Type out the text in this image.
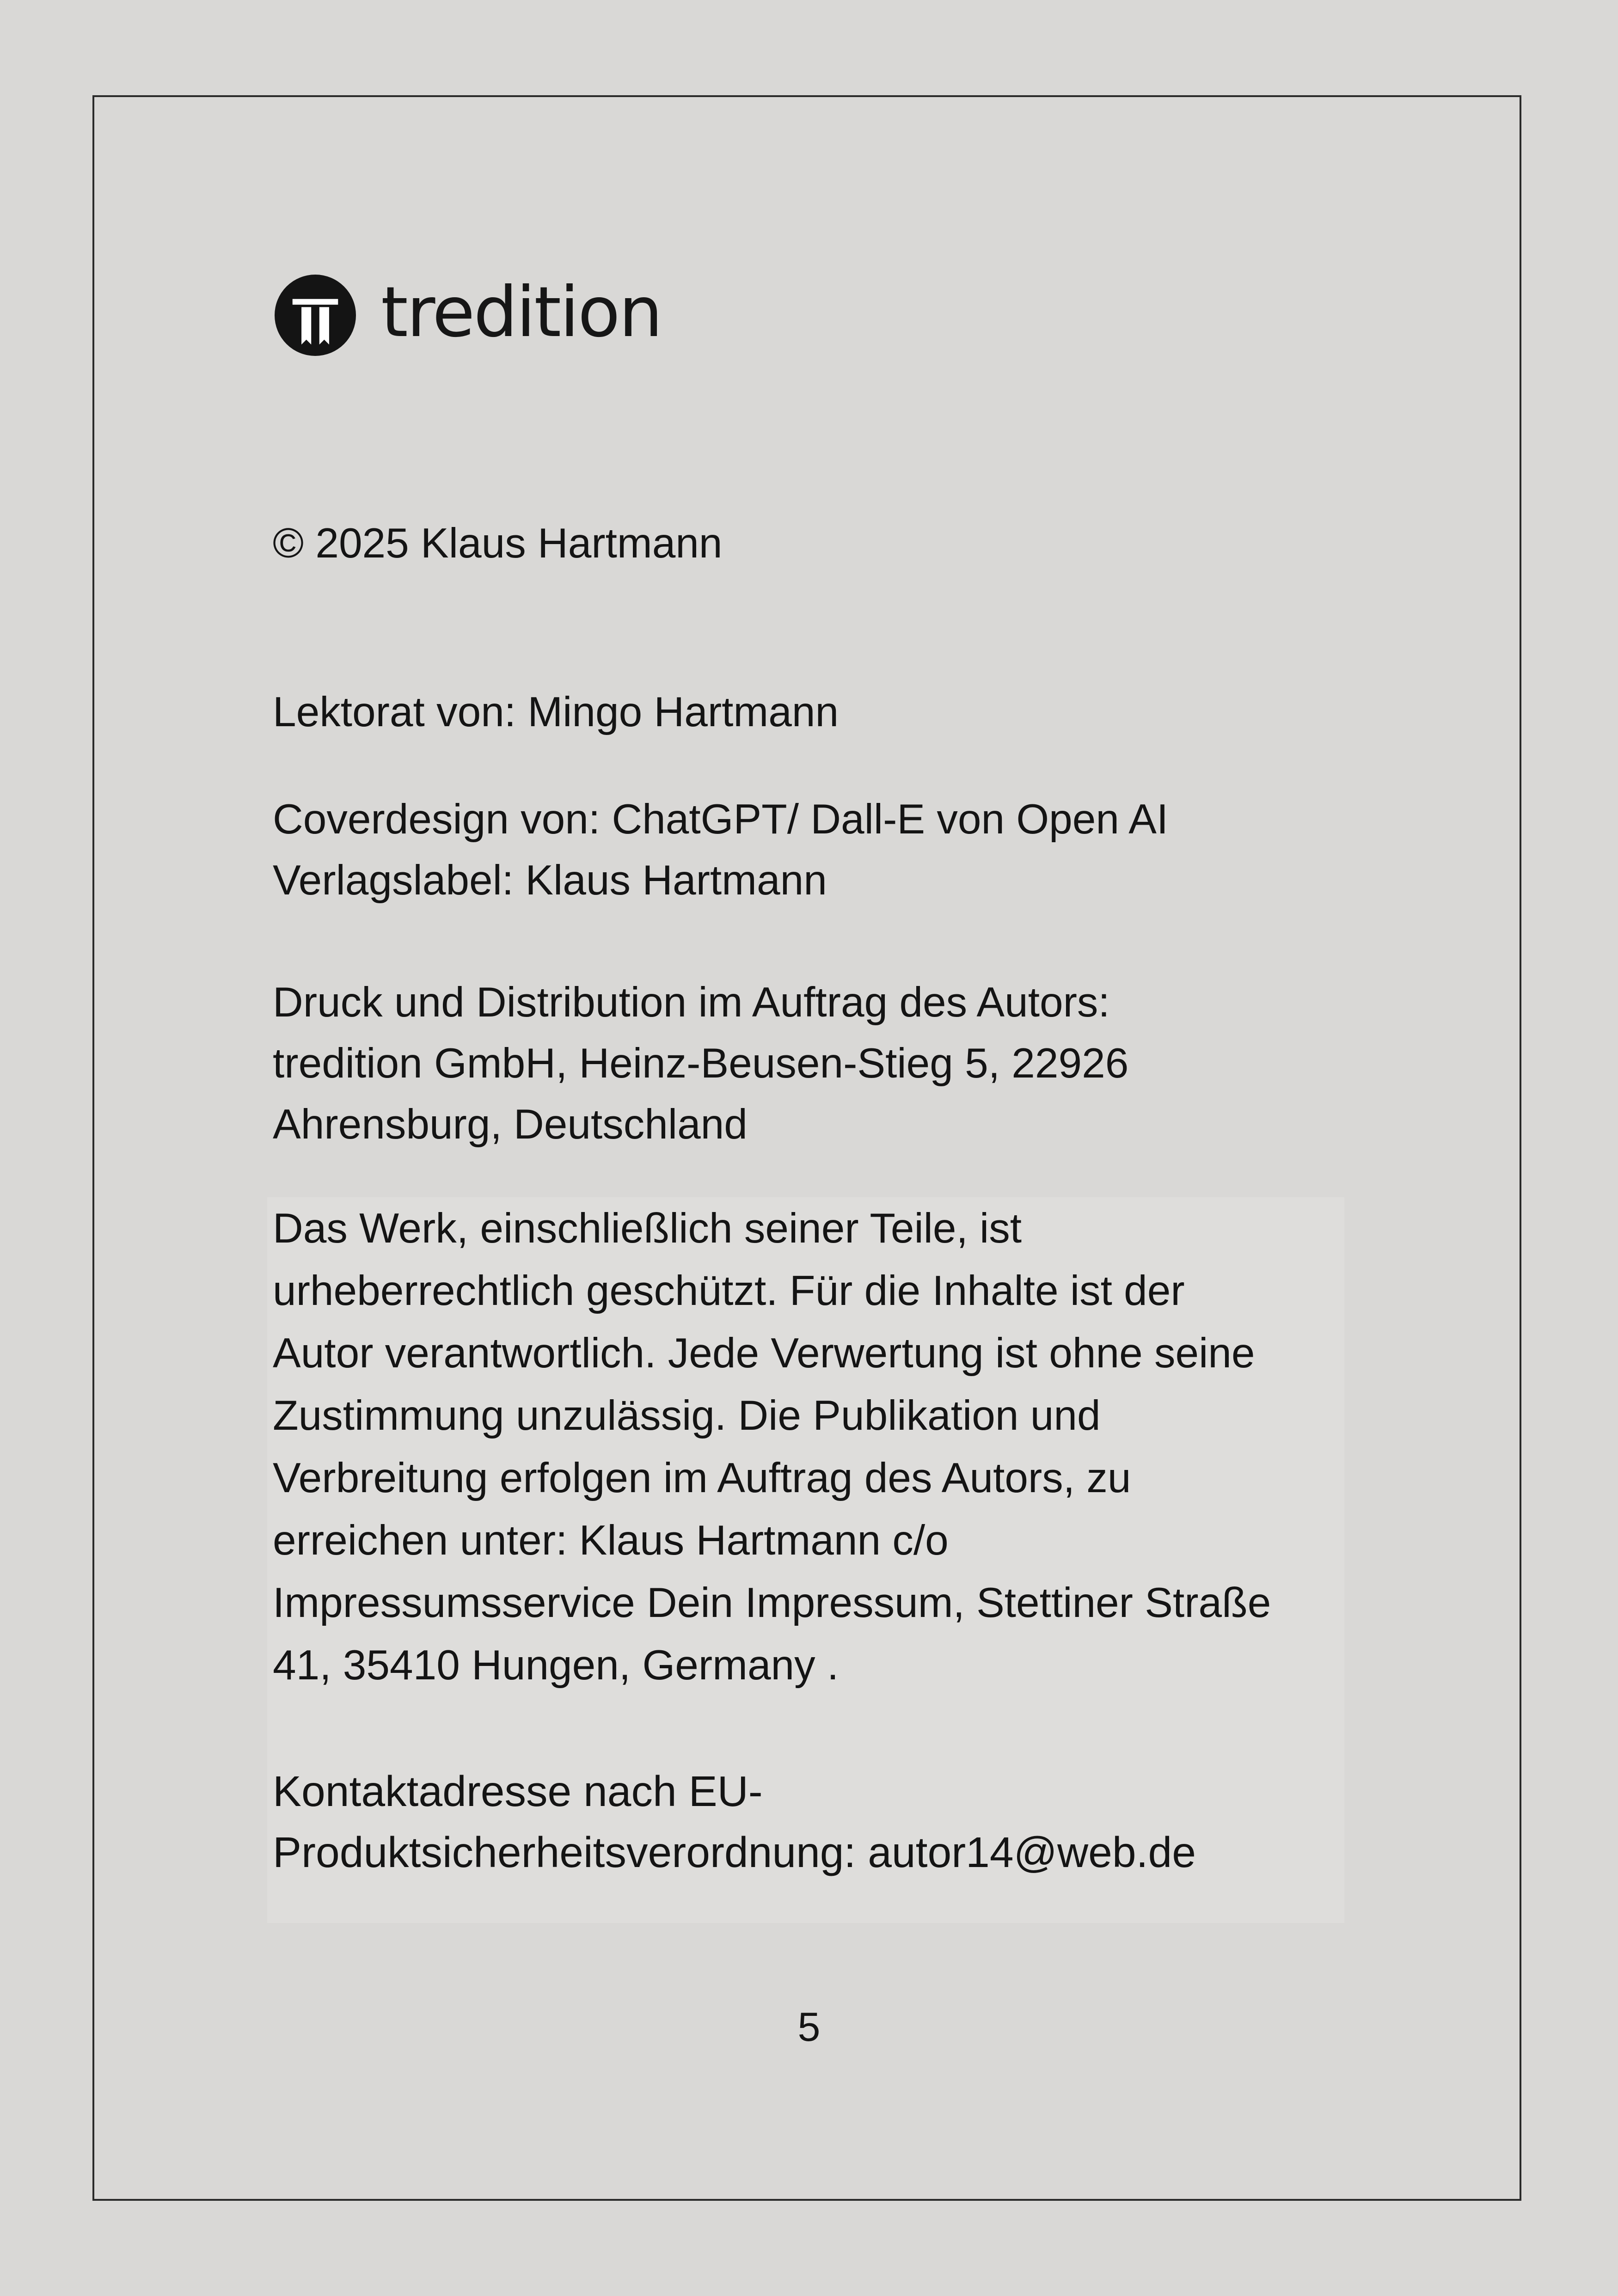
tredition

© 2025 Klaus Hartmann

Lektorat von: Mingo Hartmann

Coverdesign von: ChatGPT/ Dall-E von Open AI
Verlagslabel: Klaus Hartmann
Druck und Distribution im Auftrag des Autors:
tredition GmbH, Heinz-Beusen-Stieg 5, 22926
Ahrensburg, Deutschland
Das Werk, einschließlich seiner Teile, ist
urheberrechtlich geschützt. Für die Inhalte ist der
Autor verantwortlich. Jede Verwertung ist ohne seine
Zustimmung unzulässig. Die Publikation und
Verbreitung erfolgen im Auftrag des Autors, zu
erreichen unter: Klaus Hartmann c/o
Impressumsservice Dein Impressum, Stettiner Straße
41, 35410 Hungen, Germany .
Kontaktadresse nach EU-
Produktsicherheitsverordnung: autor14@web.de

5
